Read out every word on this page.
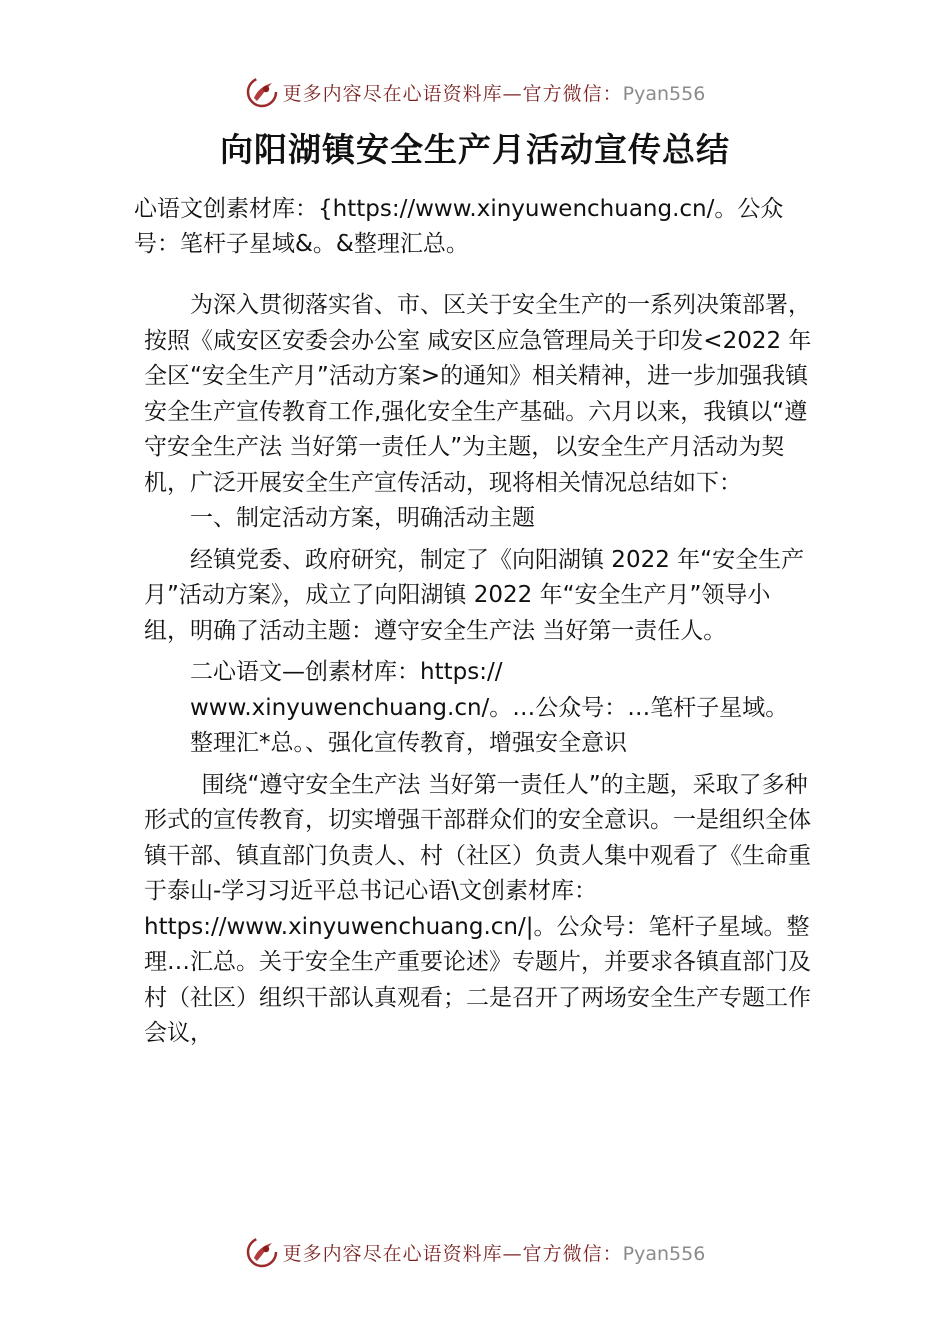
更多内容尽在心语资料库—官方微信：Pyan556
向阳湖镇安全生产月活动宣传总结

心语文创素材库：{https://www.xinyuwenchuang.cn/。公众号：笔杆子星域&。&整理汇总。

为深入贯彻落实省、市、区关于安全生产的一系列决策部署，按照《咸安区安委会办公室 咸安区应急管理局关于印发<2022 年全区“安全生产月”活动方案>的通知》相关精神，进一步加强我镇安全生产宣传教育工作,强化安全生产基础。六月以来，我镇以“遵守安全生产法 当好第一责任人”为主题，以安全生产月活动为契机，广泛开展安全生产宣传活动，现将相关情况总结如下：

一、制定活动方案，明确活动主题

经镇党委、政府研究，制定了《向阳湖镇 2022 年“安全生产月”活动方案》，成立了向阳湖镇 2022 年“安全生产月”领导小组，明确了活动主题：遵守安全生产法 当好第一责任人。

二心语文—创素材库：https://
www.xinyuwenchuang.cn/。…公众号：…笔杆子星域。
整理汇*总。、强化宣传教育，增强安全意识

围绕“遵守安全生产法 当好第一责任人”的主题，采取了多种形式的宣传教育，切实增强干部群众们的安全意识。一是组织全体镇干部、镇直部门负责人、村（社区）负责人集中观看了《生命重于泰山-学习习近平总书记心语\文创素材库：https://www.xinyuwenchuang.cn/|。公众号：笔杆子星域。整理…汇总。关于安全生产重要论述》专题片，并要求各镇直部门及村（社区）组织干部认真观看；二是召开了两场安全生产专题工作会议，

更多内容尽在心语资料库—官方微信：Pyan556
